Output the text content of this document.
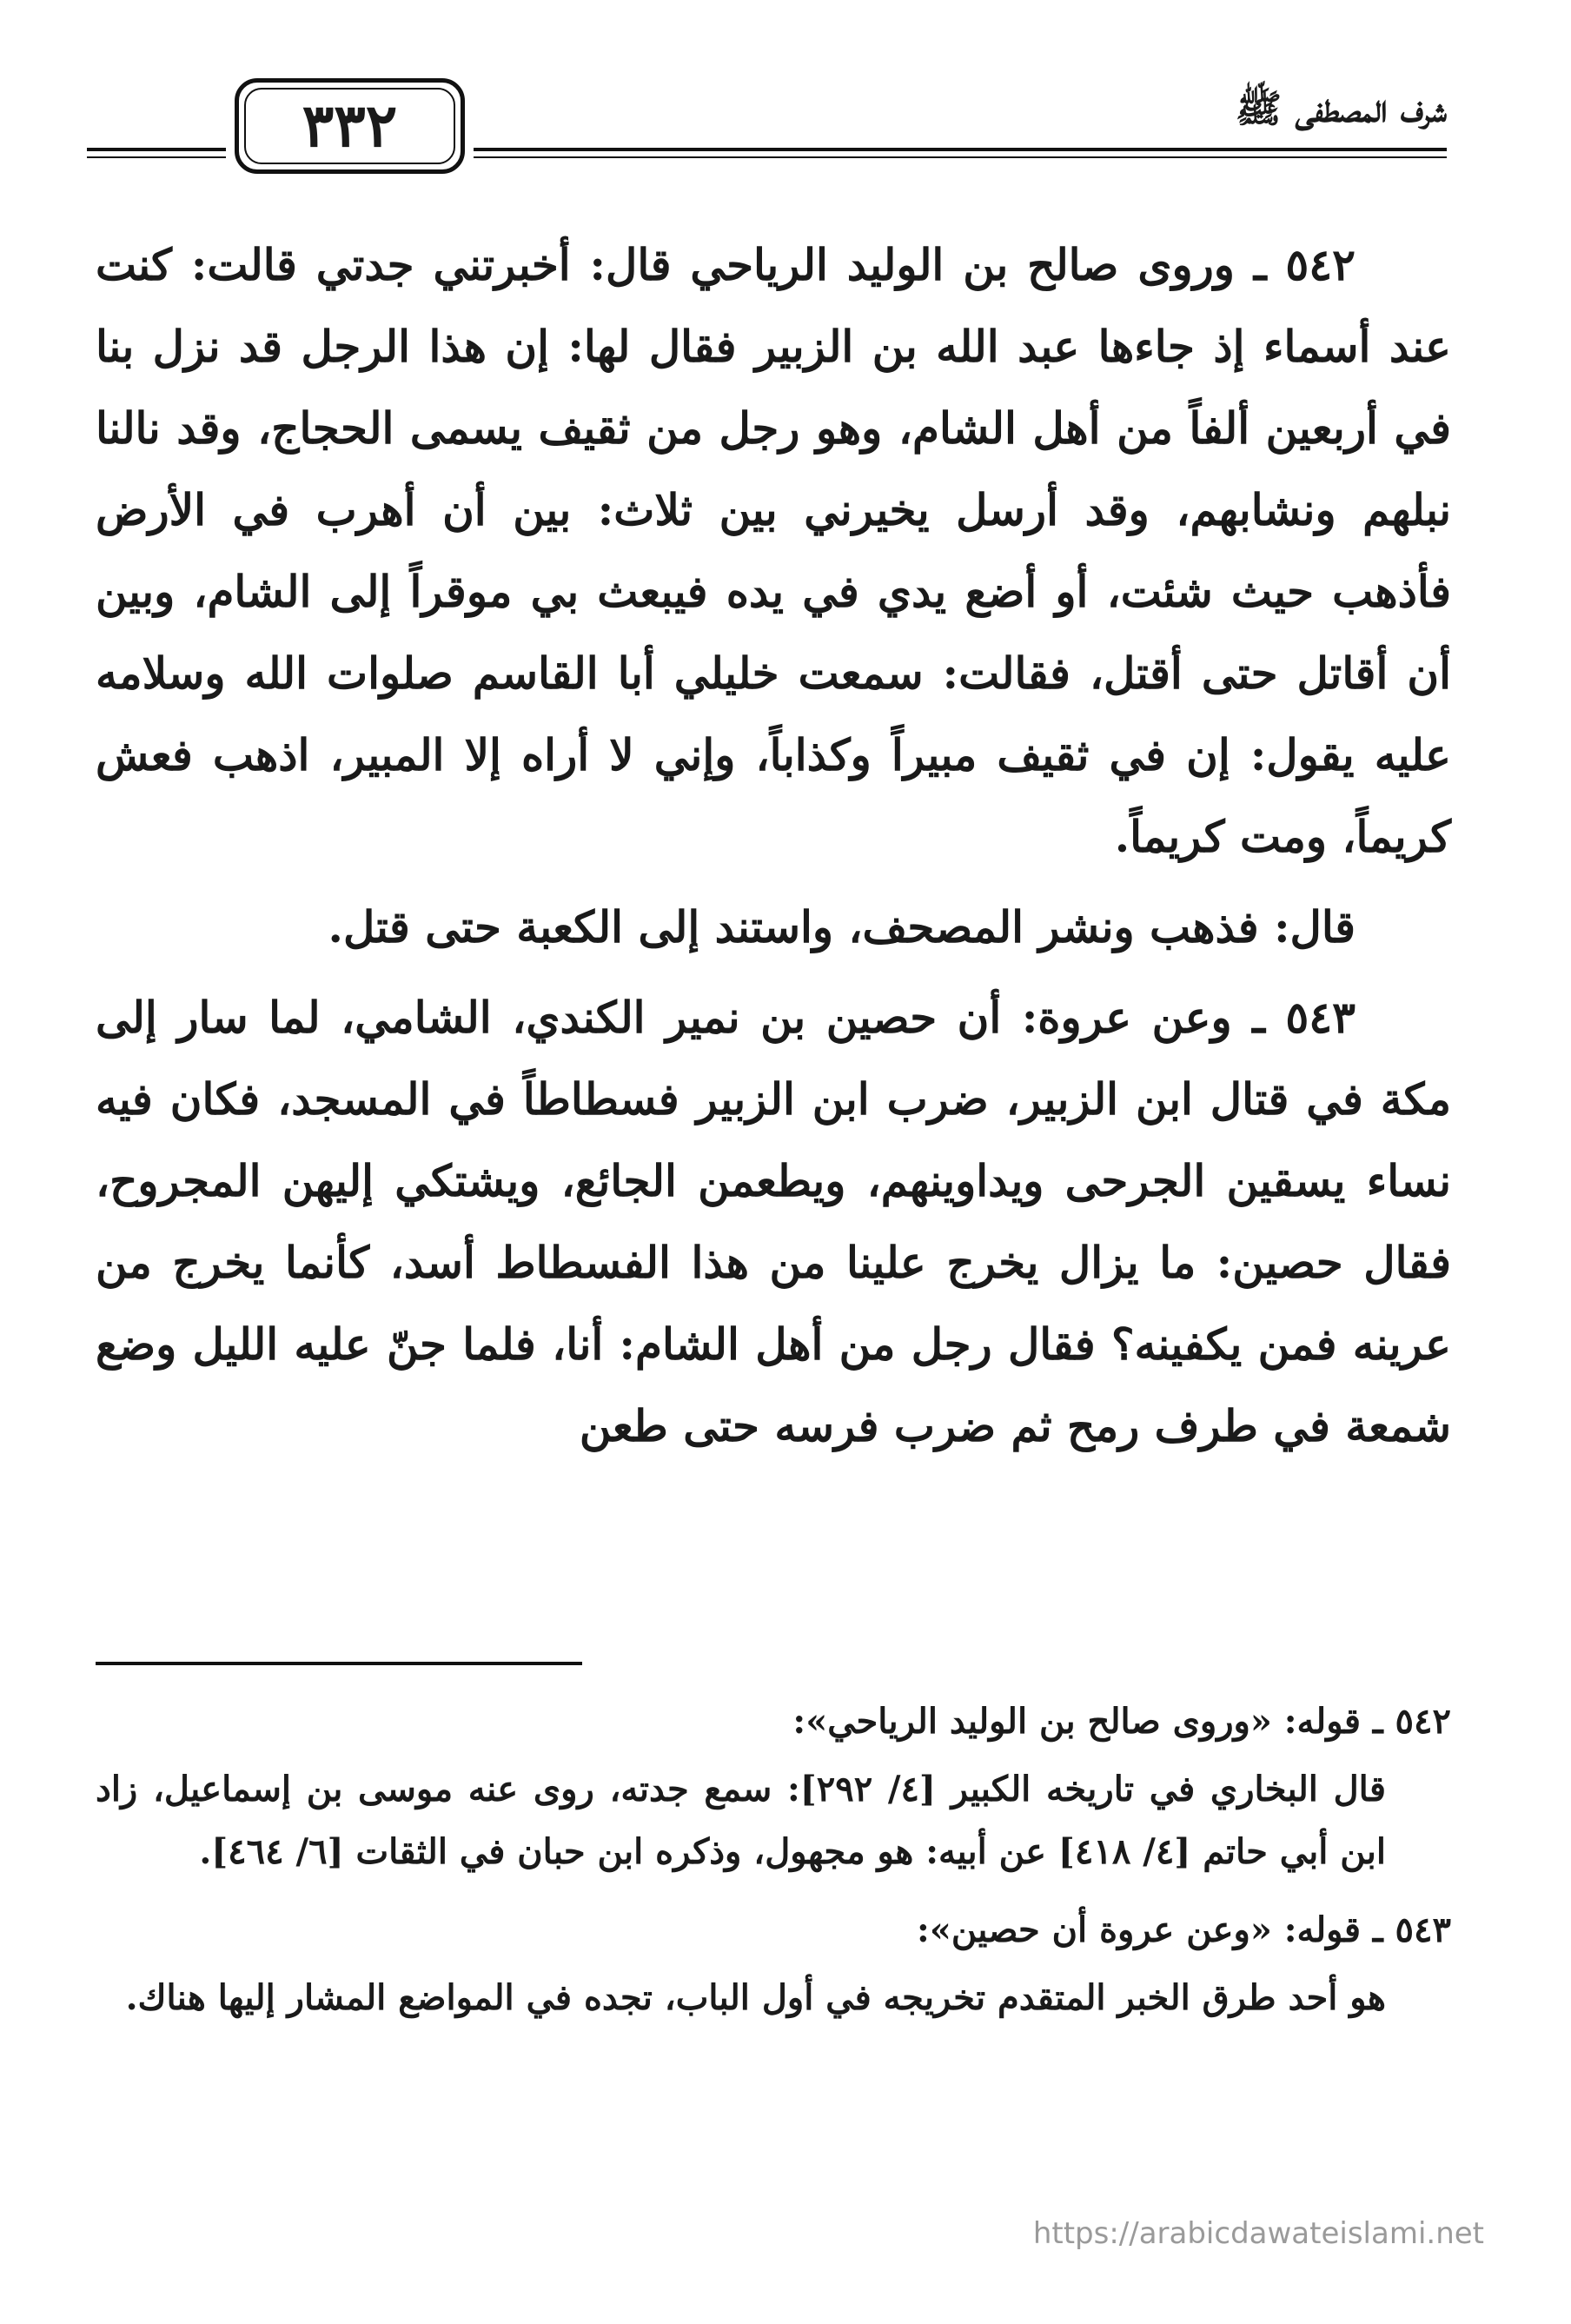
٣٣٢	شرف المصطفى ﷺ

٥٤٢ ـ وروى صالح بن الوليد الرياحي قال: أخبرتني جدتي قالت: كنت عند أسماء إذ جاءها عبد الله بن الزبير فقال لها: إن هذا الرجل قد نزل بنا في أربعين ألفاً من أهل الشام، وهو رجل من ثقيف يسمى الحجاج، وقد نالنا نبلهم ونشابهم، وقد أرسل يخيرني بين ثلاث: بين أن أهرب في الأرض فأذهب حيث شئت، أو أضع يدي في يده فيبعث بي موقراً إلى الشام، وبين أن أقاتل حتى أقتل، فقالت: سمعت خليلي أبا القاسم صلوات الله وسلامه عليه يقول: إن في ثقيف مبيراً وكذاباً، وإني لا أراه إلا المبير، اذهب فعش كريماً، ومت كريماً.

قال: فذهب ونشر المصحف، واستند إلى الكعبة حتى قتل.

٥٤٣ ـ وعن عروة: أن حصين بن نمير الكندي، الشامي، لما سار إلى مكة في قتال ابن الزبير، ضرب ابن الزبير فسطاطاً في المسجد، فكان فيه نساء يسقين الجرحى ويداوينهم، ويطعمن الجائع، ويشتكي إليهن المجروح، فقال حصين: ما يزال يخرج علينا من هذا الفسطاط أسد، كأنما يخرج من عرينه فمن يكفينه؟ فقال رجل من أهل الشام: أنا، فلما جنّ عليه الليل وضع شمعة في طرف رمح ثم ضرب فرسه حتى طعن

٥٤٢ ـ قوله: «وروى صالح بن الوليد الرياحي»:

قال البخاري في تاريخه الكبير [٤/ ٢٩٢]: سمع جدته، روى عنه موسى بن إسماعيل، زاد ابن أبي حاتم [٤/ ٤١٨] عن أبيه: هو مجهول، وذكره ابن حبان في الثقات [٦/ ٤٦٤].

٥٤٣ ـ قوله: «وعن عروة أن حصين»:

هو أحد طرق الخبر المتقدم تخريجه في أول الباب، تجده في المواضع المشار إليها هناك.

https://arabicdawateislami.net
